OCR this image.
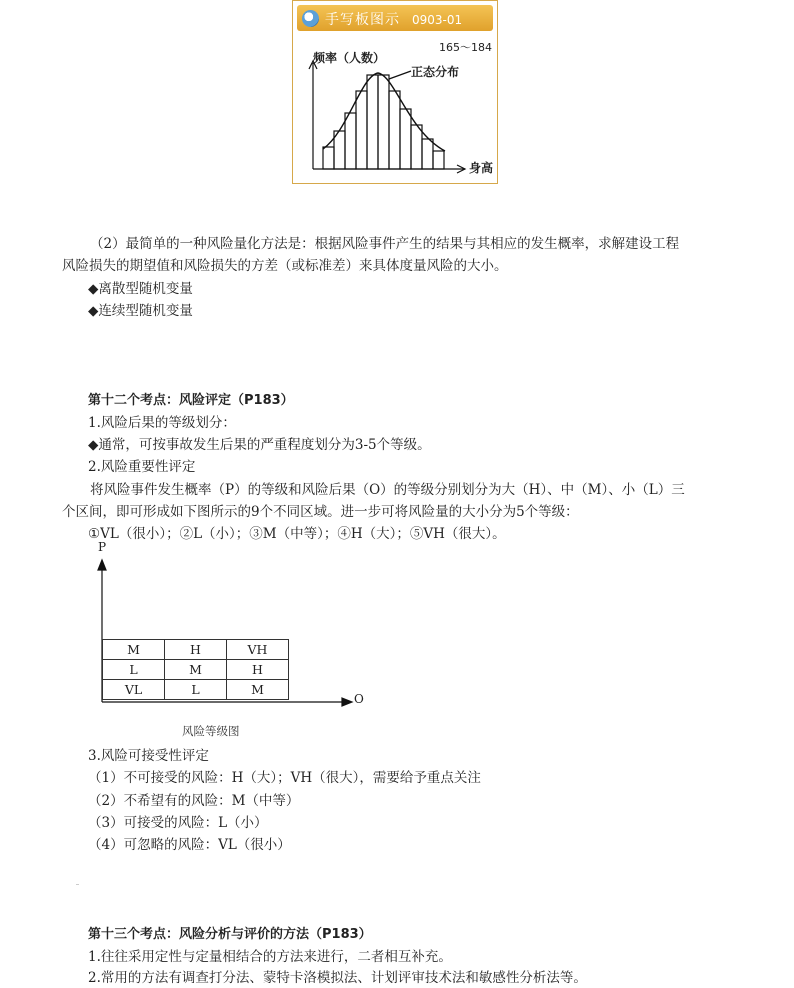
手写板图示 0903-01
165～184
频率（人数）
正态分布
身高
（2）最简单的一种风险量化方法是：根据风险事件产生的结果与其相应的发生概率，求解建设工程
风险损失的期望值和风险损失的方差（或标准差）来具体度量风险的大小。
◆离散型随机变量
◆连续型随机变量
第十二个考点：风险评定（P183）
1.风险后果的等级划分：
◆通常，可按事故发生后果的严重程度划分为3-5个等级。
2.风险重要性评定
将风险事件发生概率（P）的等级和风险后果（O）的等级分别划分为大（H）、中（M）、小（L）三
个区间，即可形成如下图所示的9个不同区域。进一步可将风险量的大小分为5个等级：
①VL（很小）；②L（小）；③M（中等）；④H（大）；⑤VH（很大）。
P
O
M	H	VH
L	M	H
VL	L	M
风险等级图
3.风险可接受性评定
（1）不可接受的风险：H（大）；VH（很大），需要给予重点关注
（2）不希望有的风险：M（中等）
（3）可接受的风险：L（小）
（4）可忽略的风险：VL（很小）
第十三个考点：风险分析与评价的方法（P183）
1.往往采用定性与定量相结合的方法来进行，二者相互补充。
2.常用的方法有调查打分法、蒙特卡洛模拟法、计划评审技术法和敏感性分析法等。
